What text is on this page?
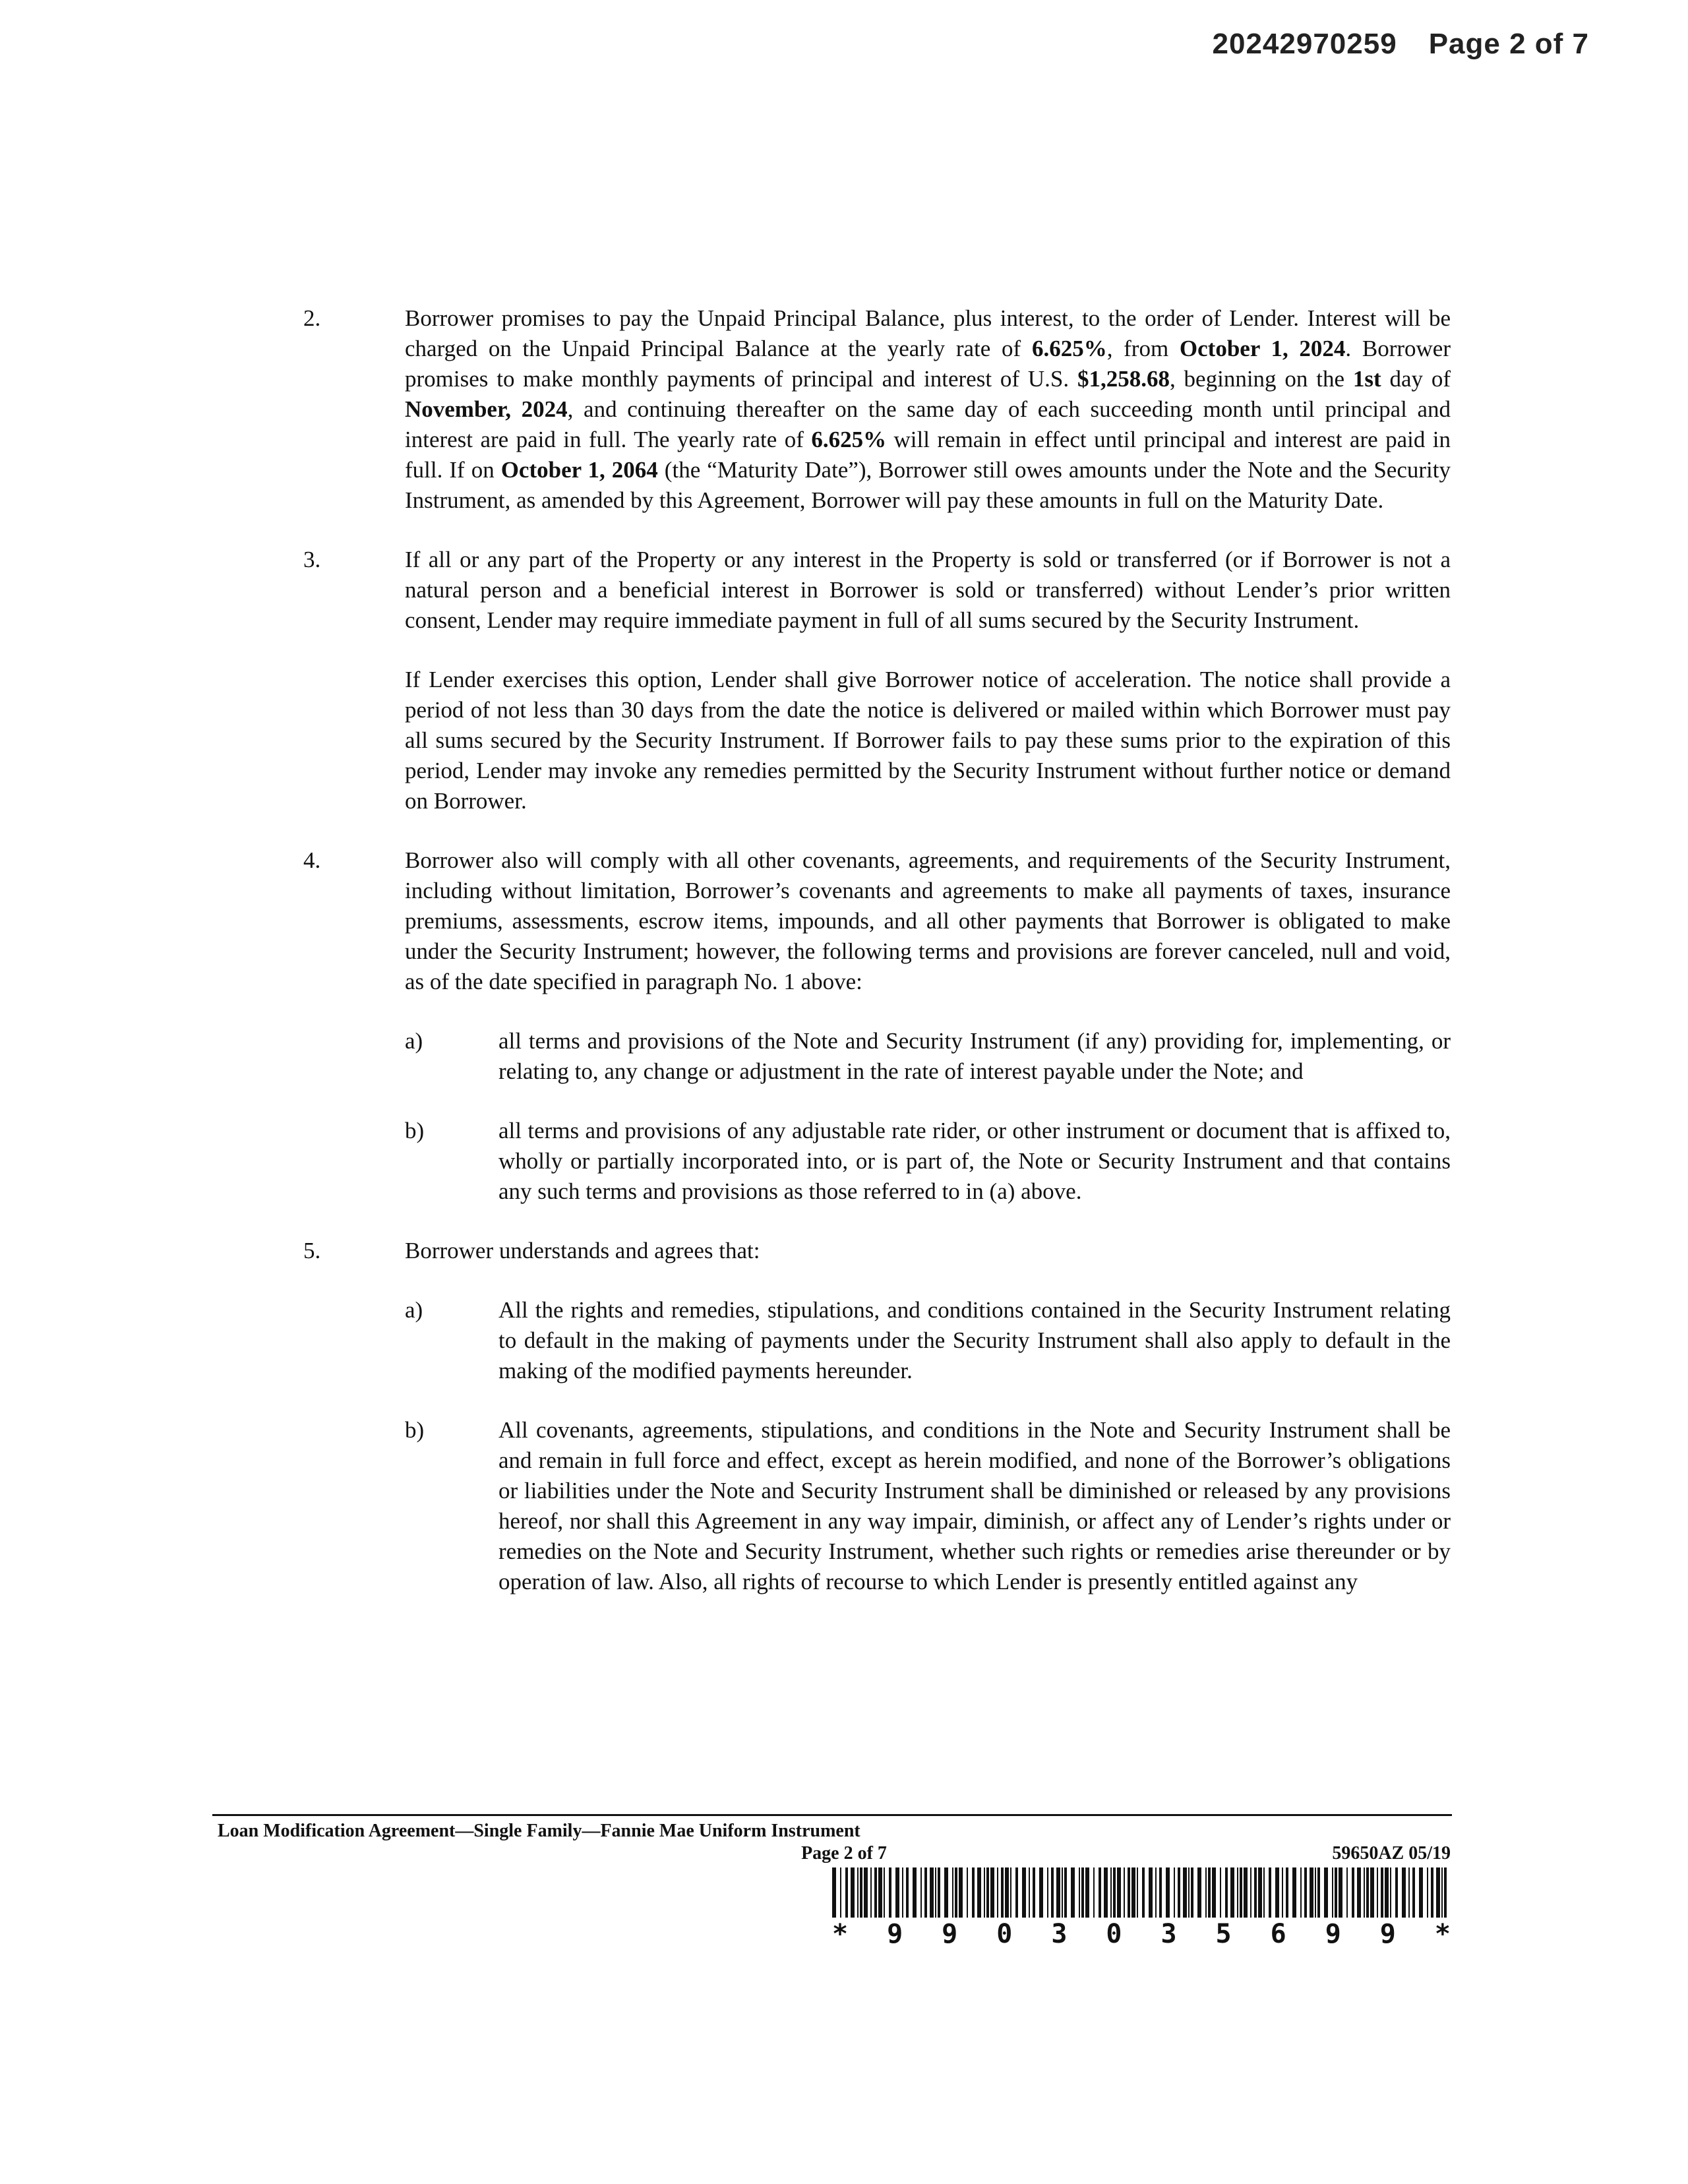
20242970259 Page 2 of 7
2.	Borrower promises to pay the Unpaid Principal Balance, plus interest, to the order of Lender. Interest will be charged on the Unpaid Principal Balance at the yearly rate of 6.625%, from October 1, 2024. Borrower promises to make monthly payments of principal and interest of U.S. $1,258.68, beginning on the 1st day of November, 2024, and continuing thereafter on the same day of each succeeding month until principal and interest are paid in full. The yearly rate of 6.625% will remain in effect until principal and interest are paid in full. If on October 1, 2064 (the “Maturity Date”), Borrower still owes amounts under the Note and the Security Instrument, as amended by this Agreement, Borrower will pay these amounts in full on the Maturity Date.

3.	If all or any part of the Property or any interest in the Property is sold or transferred (or if Borrower is not a natural person and a beneficial interest in Borrower is sold or transferred) without Lender’s prior written consent, Lender may require immediate payment in full of all sums secured by the Security Instrument.

If Lender exercises this option, Lender shall give Borrower notice of acceleration. The notice shall provide a period of not less than 30 days from the date the notice is delivered or mailed within which Borrower must pay all sums secured by the Security Instrument. If Borrower fails to pay these sums prior to the expiration of this period, Lender may invoke any remedies permitted by the Security Instrument without further notice or demand on Borrower.

4.	Borrower also will comply with all other covenants, agreements, and requirements of the Security Instrument, including without limitation, Borrower’s covenants and agreements to make all payments of taxes, insurance premiums, assessments, escrow items, impounds, and all other payments that Borrower is obligated to make under the Security Instrument; however, the following terms and provisions are forever canceled, null and void, as of the date specified in paragraph No. 1 above:

a)	all terms and provisions of the Note and Security Instrument (if any) providing for, implementing, or relating to, any change or adjustment in the rate of interest payable under the Note; and

b)	all terms and provisions of any adjustable rate rider, or other instrument or document that is affixed to, wholly or partially incorporated into, or is part of, the Note or Security Instrument and that contains any such terms and provisions as those referred to in (a) above.

5.	Borrower understands and agrees that:

a)	All the rights and remedies, stipulations, and conditions contained in the Security Instrument relating to default in the making of payments under the Security Instrument shall also apply to default in the making of the modified payments hereunder.

b)	All covenants, agreements, stipulations, and conditions in the Note and Security Instrument shall be and remain in full force and effect, except as herein modified, and none of the Borrower’s obligations or liabilities under the Note and Security Instrument shall be diminished or released by any provisions hereof, nor shall this Agreement in any way impair, diminish, or affect any of Lender’s rights under or remedies on the Note and Security Instrument, whether such rights or remedies arise thereunder or by operation of law. Also, all rights of recourse to which Lender is presently entitled against any

Loan Modification Agreement—Single Family—Fannie Mae Uniform Instrument
Page 2 of 7	59650AZ 05/19
* 9 9 0 3 0 3 5 6 9 9 *
